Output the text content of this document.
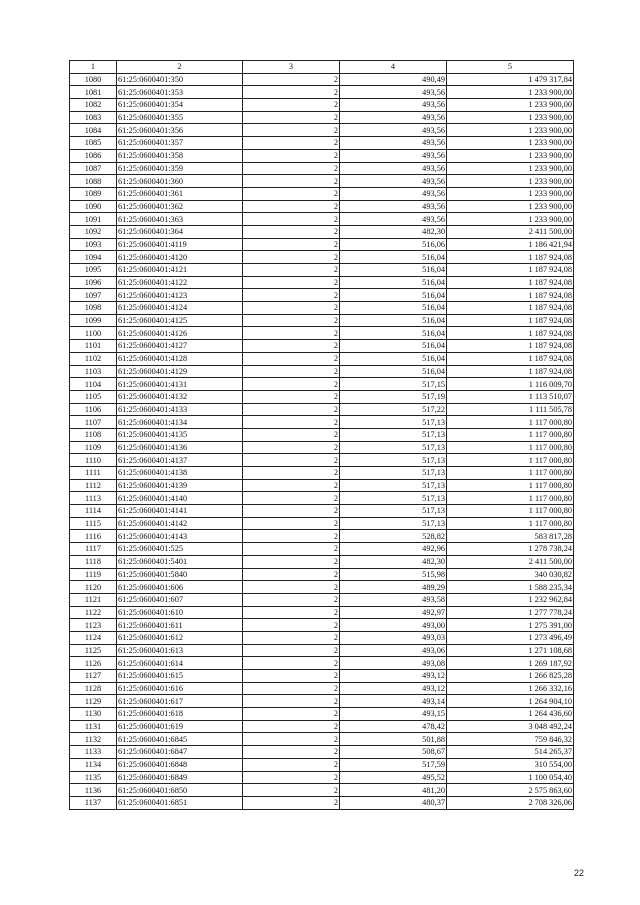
1	2	3	4	5
1080	61:25:0600401:350	2	490,49	1 479 317,84
1081	61:25:0600401:353	2	493,56	1 233 900,00
1082	61:25:0600401:354	2	493,56	1 233 900,00
1083	61:25:0600401:355	2	493,56	1 233 900,00
1084	61:25:0600401:356	2	493,56	1 233 900,00
1085	61:25:0600401:357	2	493,56	1 233 900,00
1086	61:25:0600401:358	2	493,56	1 233 900,00
1087	61:25:0600401:359	2	493,56	1 233 900,00
1088	61:25:0600401:360	2	493,56	1 233 900,00
1089	61:25:0600401:361	2	493,56	1 233 900,00
1090	61:25:0600401:362	2	493,56	1 233 900,00
1091	61:25:0600401:363	2	493,56	1 233 900,00
1092	61:25:0600401:364	2	482,30	2 411 500,00
1093	61:25:0600401:4119	2	516,06	1 186 421,94
1094	61:25:0600401:4120	2	516,04	1 187 924,08
1095	61:25:0600401:4121	2	516,04	1 187 924,08
1096	61:25:0600401:4122	2	516,04	1 187 924,08
1097	61:25:0600401:4123	2	516,04	1 187 924,08
1098	61:25:0600401:4124	2	516,04	1 187 924,08
1099	61:25:0600401:4125	2	516,04	1 187 924,08
1100	61:25:0600401:4126	2	516,04	1 187 924,08
1101	61:25:0600401:4127	2	516,04	1 187 924,08
1102	61:25:0600401:4128	2	516,04	1 187 924,08
1103	61:25:0600401:4129	2	516,04	1 187 924,08
1104	61:25:0600401:4131	2	517,15	1 116 009,70
1105	61:25:0600401:4132	2	517,19	1 113 510,07
1106	61:25:0600401:4133	2	517,22	1 111 505,78
1107	61:25:0600401:4134	2	517,13	1 117 000,80
1108	61:25:0600401:4135	2	517,13	1 117 000,80
1109	61:25:0600401:4136	2	517,13	1 117 000,80
1110	61:25:0600401:4137	2	517,13	1 117 000,80
1111	61:25:0600401:4138	2	517,13	1 117 000,80
1112	61:25:0600401:4139	2	517,13	1 117 000,80
1113	61:25:0600401:4140	2	517,13	1 117 000,80
1114	61:25:0600401:4141	2	517,13	1 117 000,80
1115	61:25:0600401:4142	2	517,13	1 117 000,80
1116	61:25:0600401:4143	2	528,82	583 817,28
1117	61:25:0600401:525	2	492,96	1 278 738,24
1118	61:25:0600401:5401	2	482,30	2 411 500,00
1119	61:25:0600401:5840	2	515,98	340 030,82
1120	61:25:0600401:606	2	489,29	1 588 235,34
1121	61:25:0600401:607	2	493,58	1 232 962,84
1122	61:25:0600401:610	2	492,97	1 277 778,24
1123	61:25:0600401:611	2	493,00	1 275 391,00
1124	61:25:0600401:612	2	493,03	1 273 496,49
1125	61:25:0600401:613	2	493,06	1 271 108,68
1126	61:25:0600401:614	2	493,08	1 269 187,92
1127	61:25:0600401:615	2	493,12	1 266 825,28
1128	61:25:0600401:616	2	493,12	1 266 332,16
1129	61:25:0600401:617	2	493,14	1 264 904,10
1130	61:25:0600401:618	2	493,15	1 264 436,60
1131	61:25:0600401:619	2	478,42	3 048 492,24
1132	61:25:0600401:6845	2	501,88	759 846,32
1133	61:25:0600401:6847	2	508,67	514 265,37
1134	61:25:0600401:6848	2	517,59	310 554,00
1135	61:25:0600401:6849	2	495,52	1 100 054,40
1136	61:25:0600401:6850	2	481,20	2 575 863,60
1137	61:25:0600401:6851	2	480,37	2 708 326,06
22
